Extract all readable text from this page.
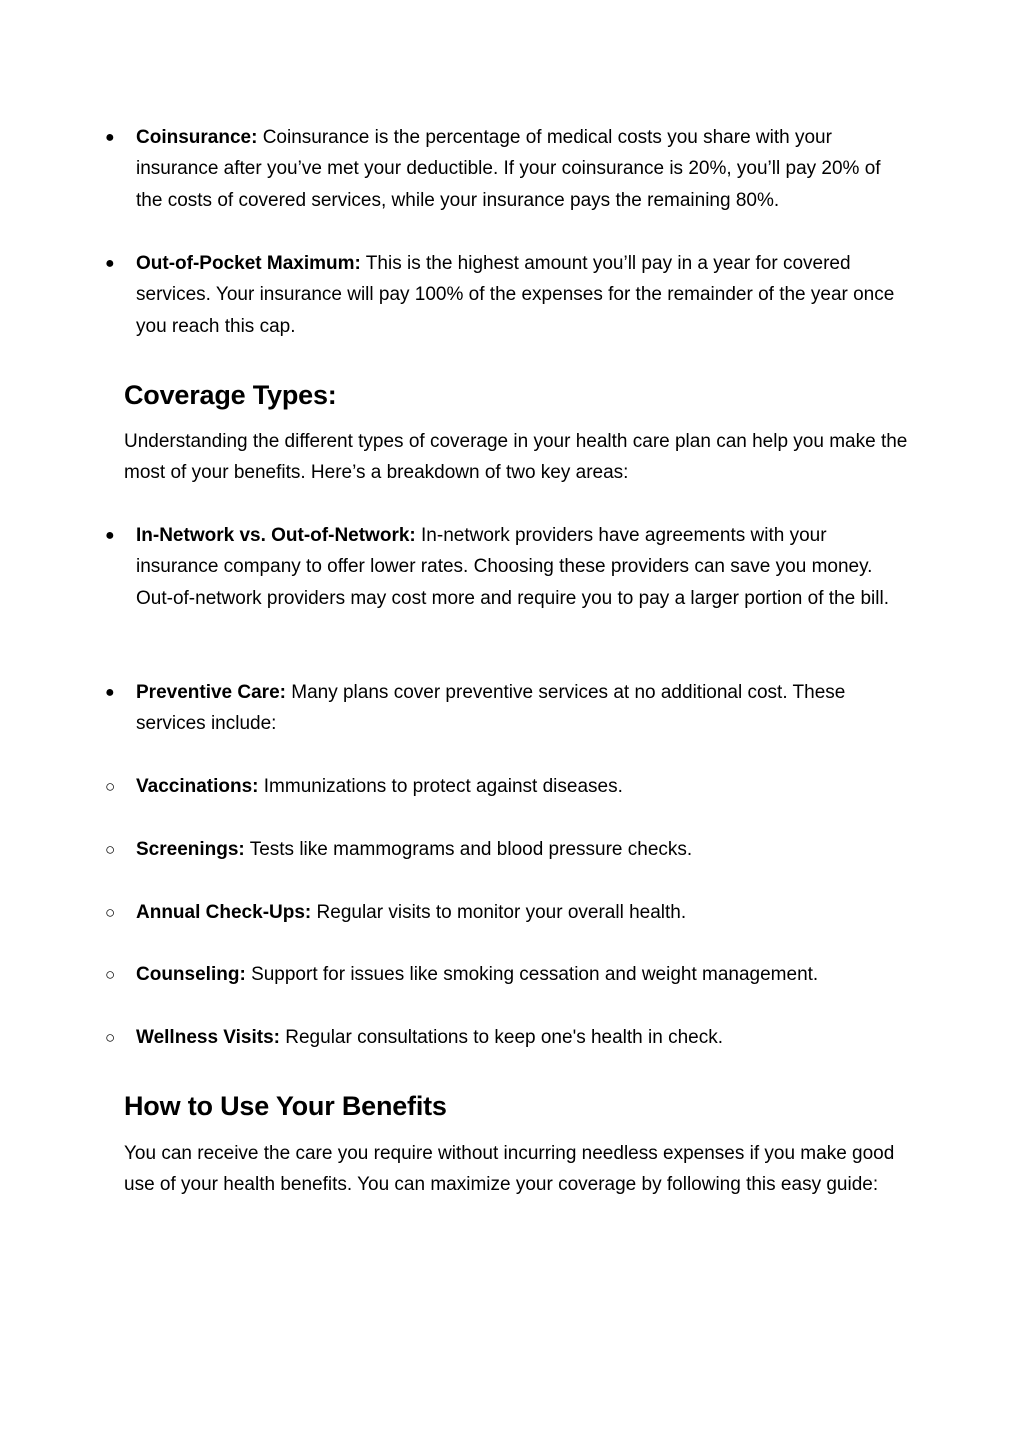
●	Coinsurance: Coinsurance is the percentage of medical costs you share with your insurance after you’ve met your deductible. If your coinsurance is 20%, you’ll pay 20% of the costs of covered services, while your insurance pays the remaining 80%.
●	Out-of-Pocket Maximum: This is the highest amount you’ll pay in a year for covered services. Your insurance will pay 100% of the expenses for the remainder of the year once you reach this cap.
Coverage Types:
Understanding the different types of coverage in your health care plan can help you make the most of your benefits. Here’s a breakdown of two key areas:
●	In-Network vs. Out-of-Network: In-network providers have agreements with your insurance company to offer lower rates. Choosing these providers can save you money. Out-of-network providers may cost more and require you to pay a larger portion of the bill.
●	Preventive Care: Many plans cover preventive services at no additional cost. These services include:
○	Vaccinations: Immunizations to protect against diseases.
○	Screenings: Tests like mammograms and blood pressure checks.
○	Annual Check-Ups: Regular visits to monitor your overall health.
○	Counseling: Support for issues like smoking cessation and weight management.
○	Wellness Visits: Regular consultations to keep one's health in check.
How to Use Your Benefits
You can receive the care you require without incurring needless expenses if you make good use of your health benefits. You can maximize your coverage by following this easy guide:
